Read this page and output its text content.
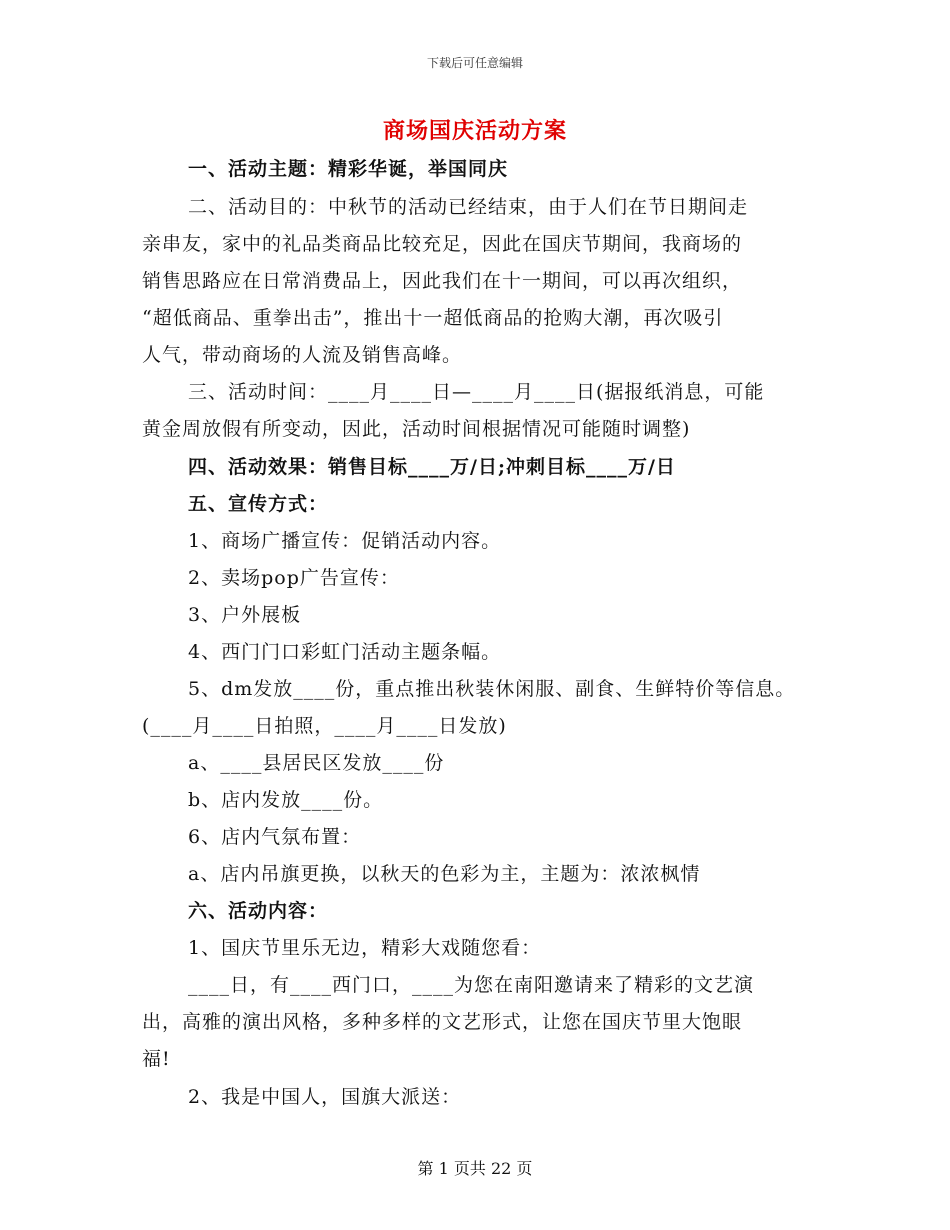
下载后可任意编辑
商场国庆活动方案
一、活动主题：精彩华诞，举国同庆
二、活动目的：中秋节的活动已经结束，由于人们在节日期间走
亲串友，家中的礼品类商品比较充足，因此在国庆节期间，我商场的
销售思路应在日常消费品上，因此我们在十一期间，可以再次组织，
“超低商品、重拳出击”，推出十一超低商品的抢购大潮，再次吸引
人气，带动商场的人流及销售高峰。
三、活动时间：____月____日—____月____日(据报纸消息，可能
黄金周放假有所变动，因此，活动时间根据情况可能随时调整)
四、活动效果：销售目标____万/日;冲刺目标____万/日
五、宣传方式：
1、商场广播宣传：促销活动内容。
2、卖场pop广告宣传：
3、户外展板
4、西门门口彩虹门活动主题条幅。
5、dm发放____份，重点推出秋装休闲服、副食、生鲜特价等信息。
(____月____日拍照，____月____日发放)
a、____县居民区发放____份
b、店内发放____份。
6、店内气氛布置：
a、店内吊旗更换，以秋天的色彩为主，主题为：浓浓枫情
六、活动内容：
1、国庆节里乐无边，精彩大戏随您看：
____日，有____西门口，____为您在南阳邀请来了精彩的文艺演
出，高雅的演出风格，多种多样的文艺形式，让您在国庆节里大饱眼
福!
2、我是中国人，国旗大派送：
第 1 页共 22 页
